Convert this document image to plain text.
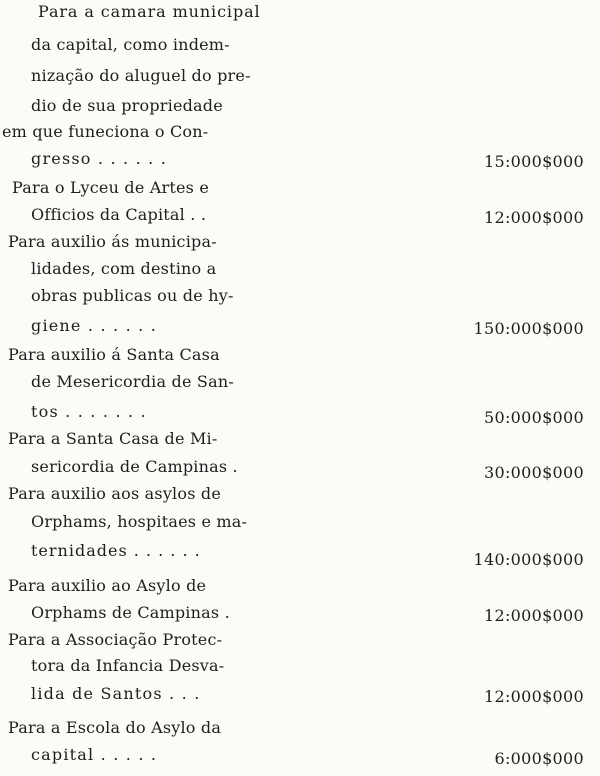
Para a camara municipal
da capital, como indem-
nização do aluguel do pre-
dio de sua propriedade
em que funeciona o Con-
gresso . . . . . .	15:000$000
Para o Lyceu de Artes e
Officios da Capital . .	12:000$000
Para auxilio ás municipa-
lidades, com destino a
obras publicas ou de hy-
giene . . . . . .	150:000$000
Para auxilio á Santa Casa
de Mesericordia de San-
tos . . . . . . .	50:000$000
Para a Santa Casa de Mi-
sericordia de Campinas .	30:000$000
Para auxilio aos asylos de
Orphams, hospitaes e ma-
ternidades . . . . . .	140:000$000
Para auxilio ao Asylo de
Orphams de Campinas .	12:000$000
Para a Associação Protec-
tora da Infancia Desva-
lida de Santos . . .	12:000$000
Para a Escola do Asylo da
capital . . . . .	6:000$000
